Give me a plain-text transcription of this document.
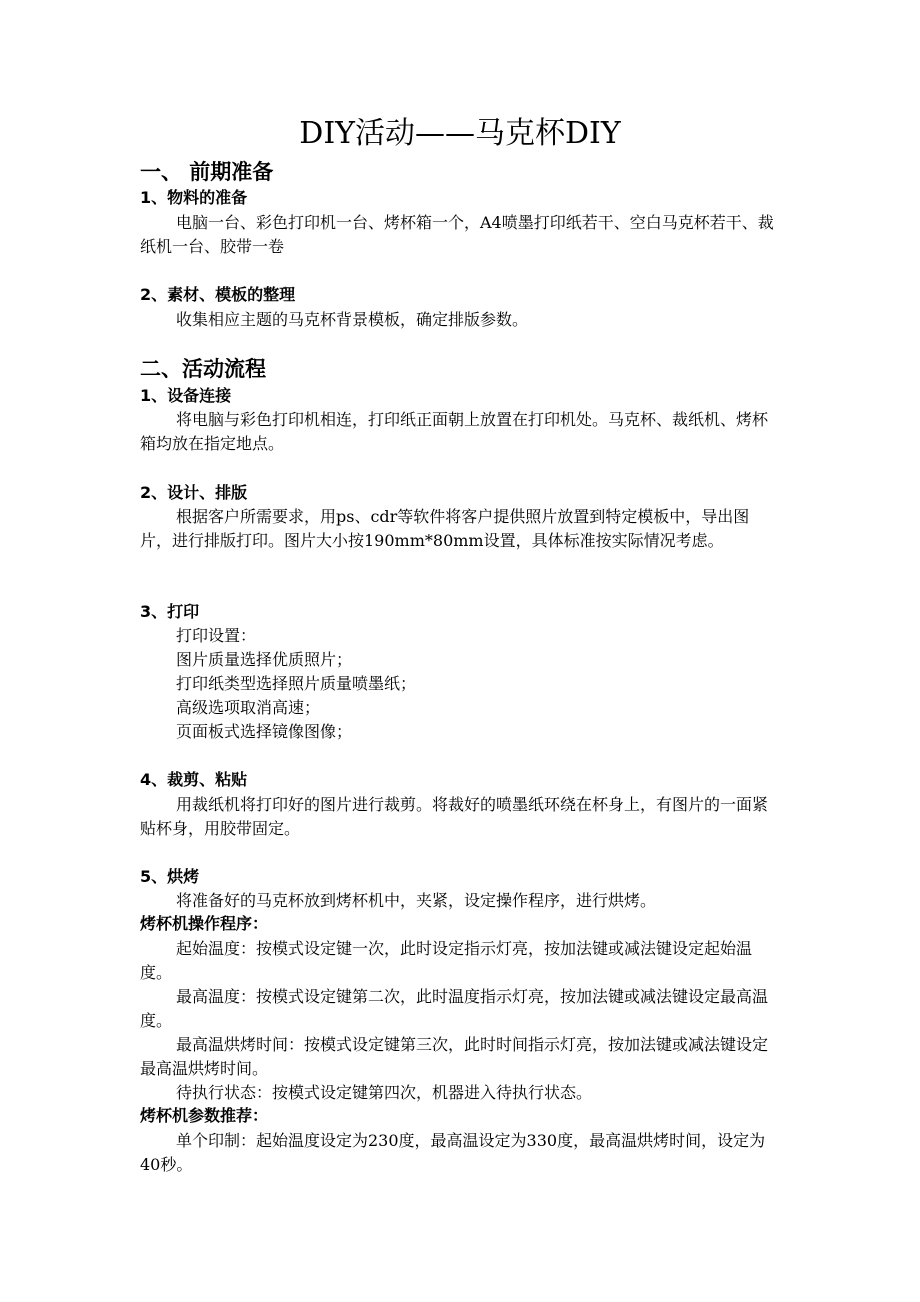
DIY活动——马克杯DIY
一、 前期准备
1、物料的准备
电脑一台、彩色打印机一台、烤杯箱一个，A4喷墨打印纸若干、空白马克杯若干、裁纸机一台、胶带一卷
2、素材、模板的整理
收集相应主题的马克杯背景模板，确定排版参数。
二、活动流程
1、设备连接
将电脑与彩色打印机相连，打印纸正面朝上放置在打印机处。马克杯、裁纸机、烤杯箱均放在指定地点。
2、设计、排版
根据客户所需要求，用ps、cdr等软件将客户提供照片放置到特定模板中，导出图片，进行排版打印。图片大小按190mm*80mm设置，具体标准按实际情况考虑。
3、打印
打印设置：
图片质量选择优质照片；
打印纸类型选择照片质量喷墨纸；
高级选项取消高速；
页面板式选择镜像图像；
4、裁剪、粘贴
用裁纸机将打印好的图片进行裁剪。将裁好的喷墨纸环绕在杯身上，有图片的一面紧贴杯身，用胶带固定。
5、烘烤
将准备好的马克杯放到烤杯机中，夹紧，设定操作程序，进行烘烤。
烤杯机操作程序：
起始温度：按模式设定键一次，此时设定指示灯亮，按加法键或减法键设定起始温度。
最高温度：按模式设定键第二次，此时温度指示灯亮，按加法键或减法键设定最高温度。
最高温烘烤时间：按模式设定键第三次，此时时间指示灯亮，按加法键或减法键设定最高温烘烤时间。
待执行状态：按模式设定键第四次，机器进入待执行状态。
烤杯机参数推荐：
单个印制：起始温度设定为230度，最高温设定为330度，最高温烘烤时间，设定为40秒。
